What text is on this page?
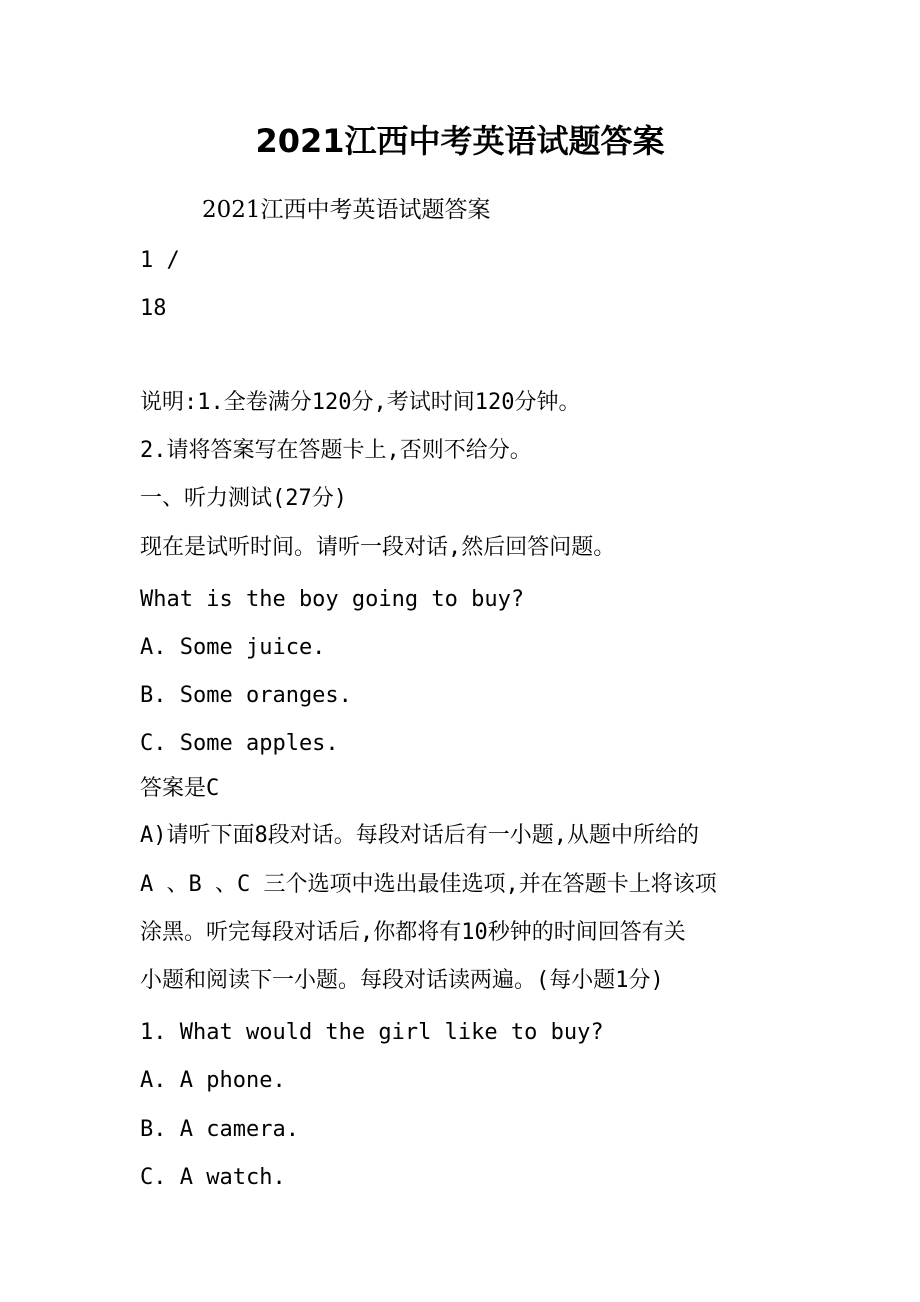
2021江西中考英语试题答案

2021江西中考英语试题答案

1 /

18

说明:1.全卷满分120分,考试时间120分钟。

2.请将答案写在答题卡上,否则不给分。

一、听力测试(27分)

现在是试听时间。请听一段对话,然后回答问题。

What is the boy going to buy?

A. Some juice.

B. Some oranges.

C. Some apples.

答案是C

A)请听下面8段对话。每段对话后有一小题,从题中所给的

A 、B 、C 三个选项中选出最佳选项,并在答题卡上将该项

涂黑。听完每段对话后,你都将有10秒钟的时间回答有关

小题和阅读下一小题。每段对话读两遍。(每小题1分)

1. What would the girl like to buy?

A. A phone.

B. A camera.

C. A watch.
